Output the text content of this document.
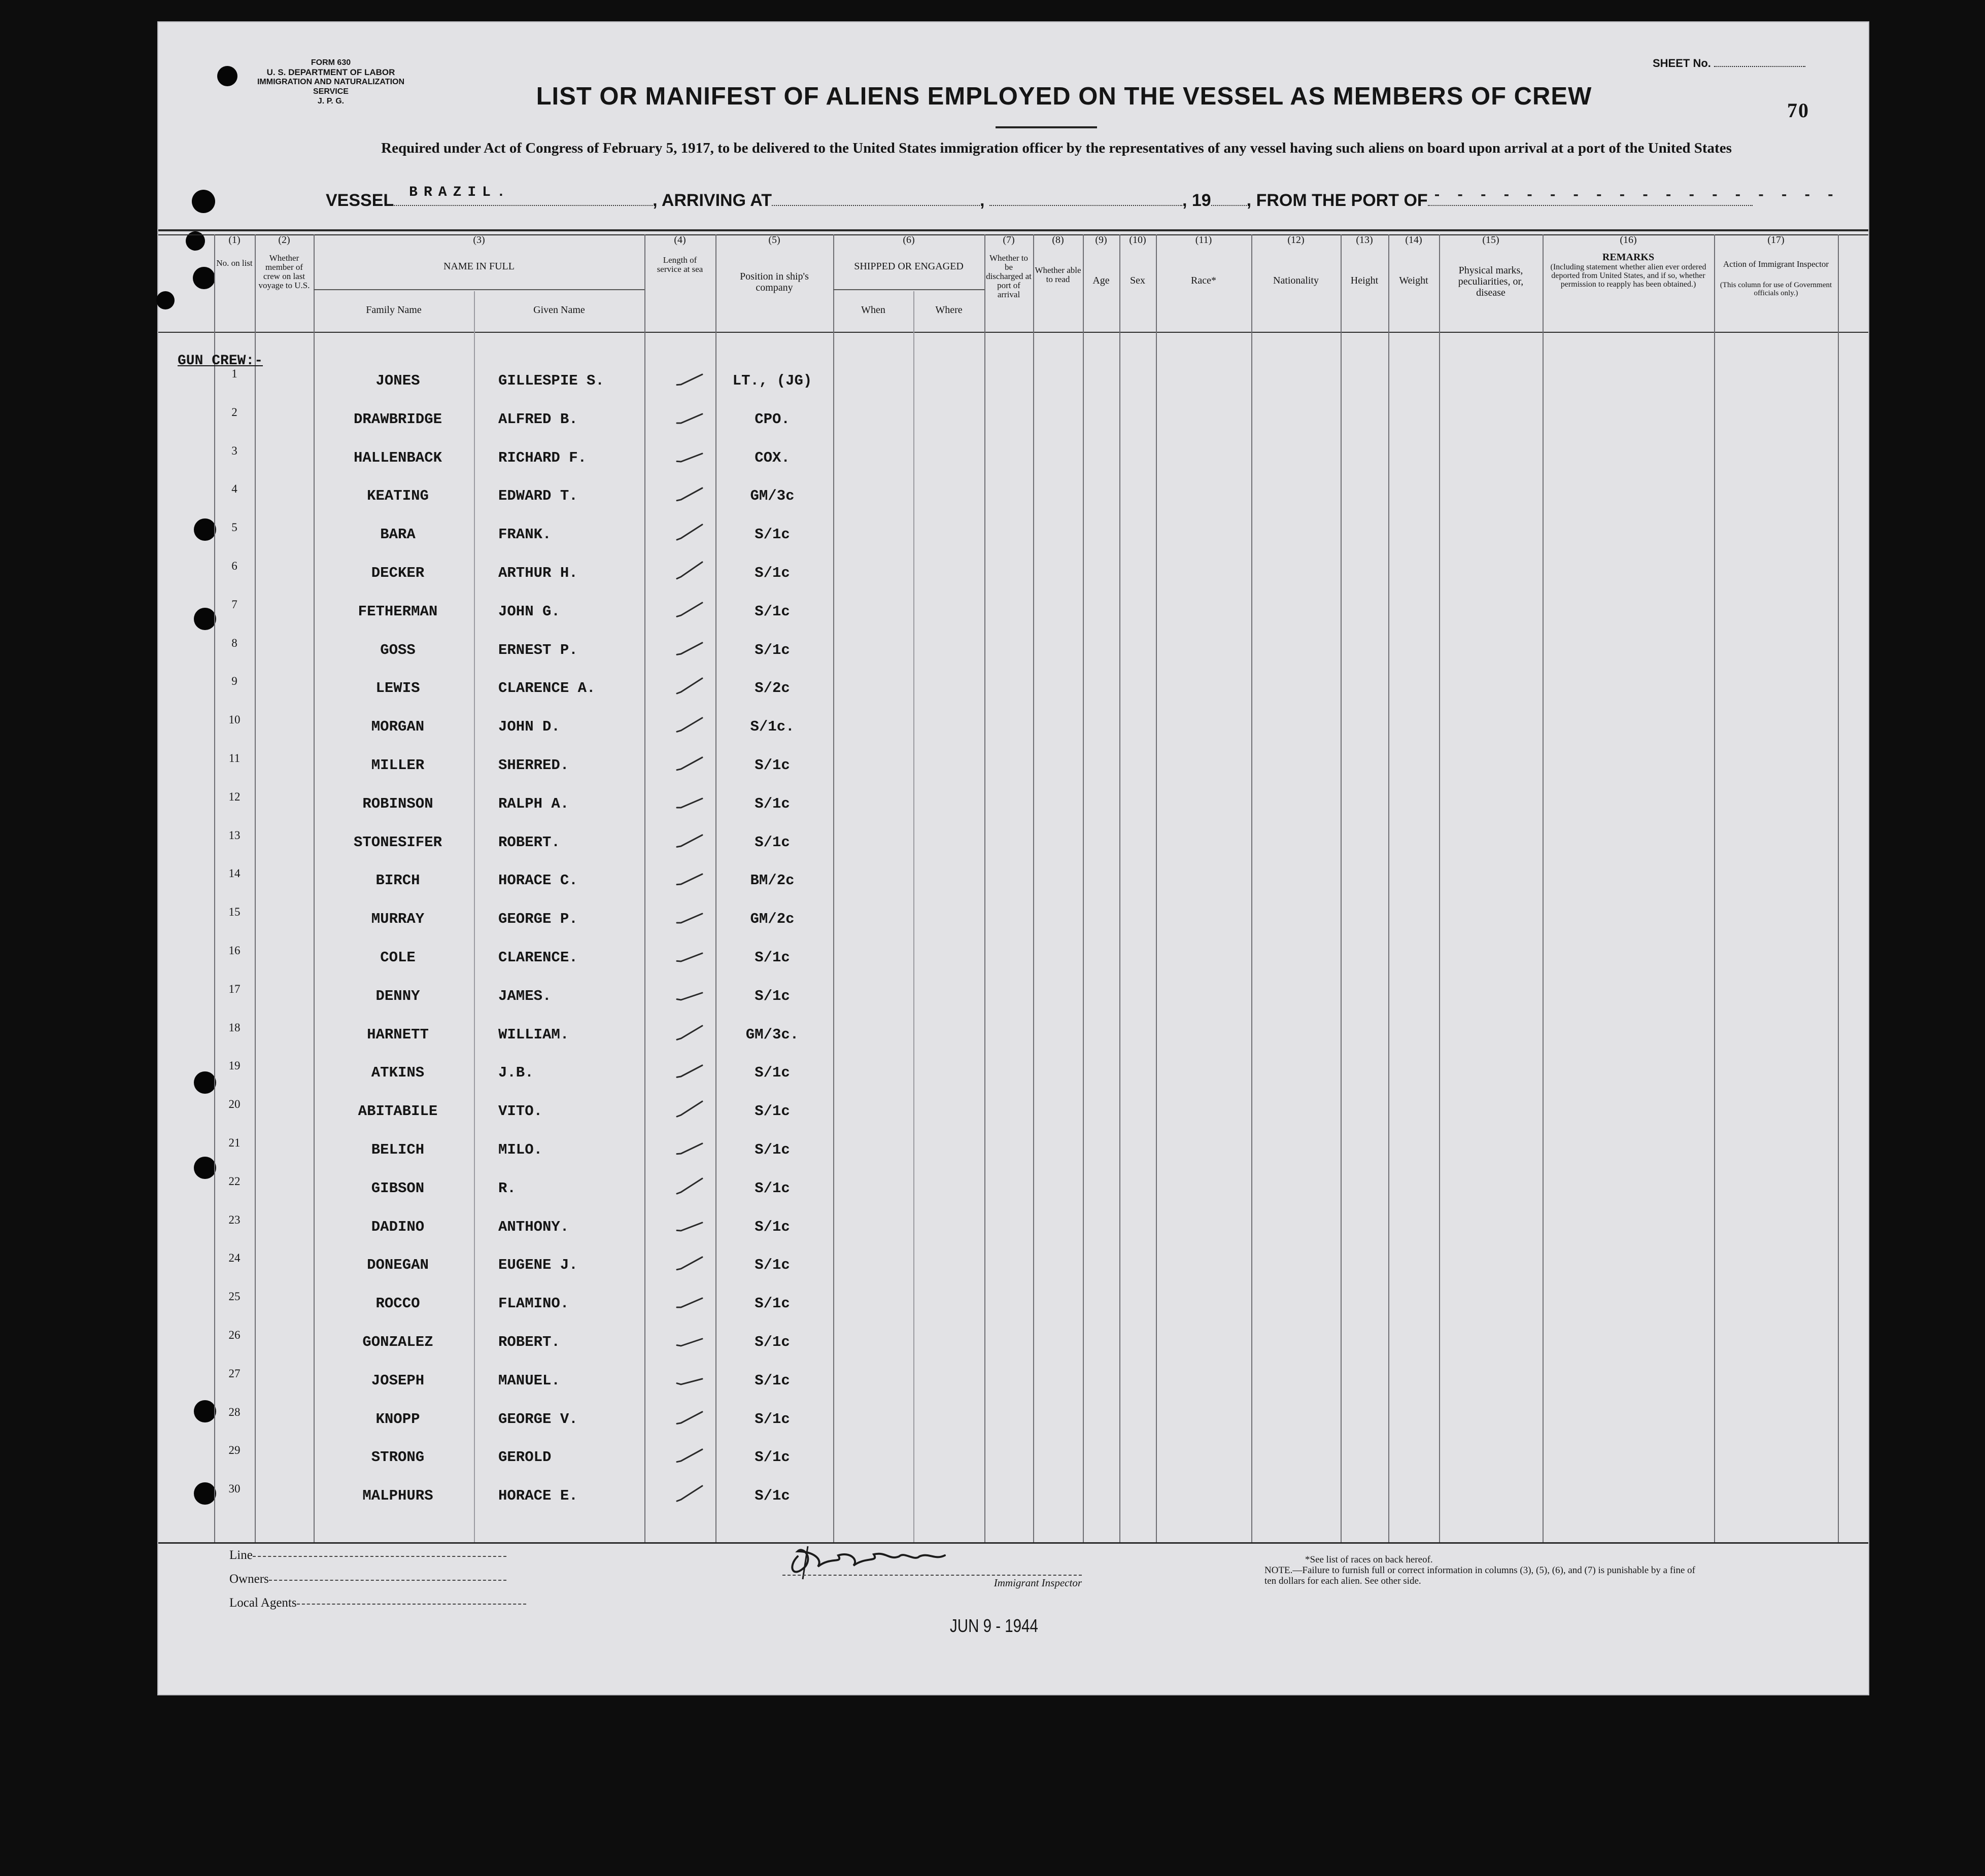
FORM 630
U. S. DEPARTMENT OF LABOR
IMMIGRATION AND NATURALIZATION SERVICE
J. P. G.
SHEET No.
70
LIST OR MANIFEST OF ALIENS EMPLOYED ON THE VESSEL AS MEMBERS OF CREW
Required under Act of Congress of February 5, 1917, to be delivered to the United States immigration officer by the representatives of any vessel having such aliens on board upon arrival at a port of the United States
VESSEL BRAZIL.	, ARRIVING AT	,	, 19 , FROM THE PORT OF - - - - - - - - - - - - - - - - - -
(1)
No. on list
(2)
Whether member of crew on last voyage to U.S.
(3)
NAME IN FULL
Family Name	Given Name
(4)
Length of service at sea
(5)
Position in ship's company
(6)
SHIPPED OR ENGAGED
When	Where
(7)
Whether to be discharged at port of arrival
(8)
Whether able to read
(9)
Age
(10)
Sex
(11)
Race*
(12)
Nationality
(13)
Height
(14)
Weight
(15)
Physical marks, peculiarities, or, disease
(16)
REMARKS
(Including statement whether alien ever ordered deported from United States, and if so, whether permission to reapply has been obtained.)
(17)
Action of Immigrant Inspector
(This column for use of Government officials only.)
GUN CREW:-
1	JONES	GILLESPIE S.	LT., (JG)
2	DRAWBRIDGE	ALFRED B.	CPO.
3	HALLENBACK	RICHARD F.	COX.
4	KEATING	EDWARD T.	GM/3c
5	BARA	FRANK.	S/1c
6	DECKER	ARTHUR H.	S/1c
7	FETHERMAN	JOHN G.	S/1c
8	GOSS	ERNEST P.	S/1c
9	LEWIS	CLARENCE A.	S/2c
10	MORGAN	JOHN D.	S/1c.
11	MILLER	SHERRED.	S/1c
12	ROBINSON	RALPH A.	S/1c
13	STONESIFER	ROBERT.	S/1c
14	BIRCH	HORACE C.	BM/2c
15	MURRAY	GEORGE P.	GM/2c
16	COLE	CLARENCE.	S/1c
17	DENNY	JAMES.	S/1c
18	HARNETT	WILLIAM.	GM/3c.
19	ATKINS	J.B.	S/1c
20	ABITABILE	VITO.	S/1c
21	BELICH	MILO.	S/1c
22	GIBSON	R.	S/1c
23	DADINO	ANTHONY.	S/1c
24	DONEGAN	EUGENE J.	S/1c
25	ROCCO	FLAMINO.	S/1c
26	GONZALEZ	ROBERT.	S/1c
27	JOSEPH	MANUEL.	S/1c
28	KNOPP	GEORGE V.	S/1c
29	STRONG	GEROLD	S/1c
30	MALPHURS	HORACE E.	S/1c
Line
Owners
Local Agents
Immigrant Inspector
JUN 9 - 1944
*See list of races on back hereof.
NOTE.—Failure to furnish full or correct information in columns (3), (5), (6), and (7) is punishable by a fine of ten dollars for each alien. See other side.
